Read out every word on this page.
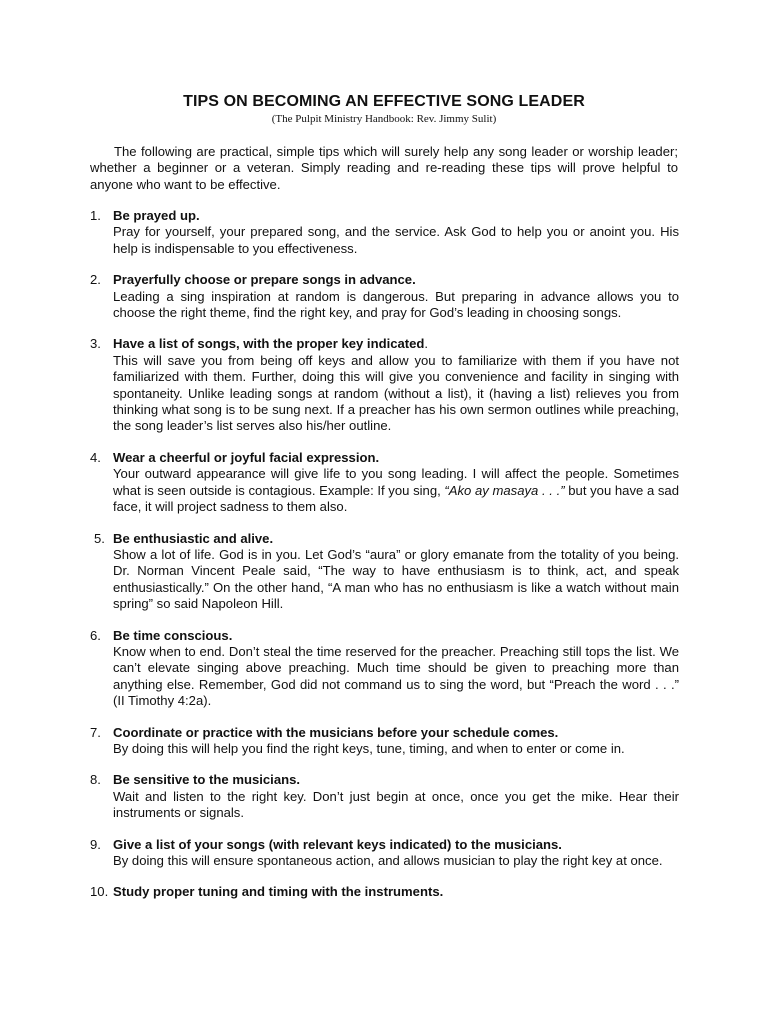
TIPS ON BECOMING AN EFFECTIVE SONG LEADER
(The Pulpit Ministry Handbook: Rev. Jimmy Sulit)

The following are practical, simple tips which will surely help any song leader or worship leader; whether a beginner or a veteran. Simply reading and re-reading these tips will prove helpful to anyone who want to be effective.

1. Be prayed up.
Pray for yourself, your prepared song, and the service. Ask God to help you or anoint you. His help is indispensable to you effectiveness.
2. Prayerfully choose or prepare songs in advance.
Leading a sing inspiration at random is dangerous. But preparing in advance allows you to choose the right theme, find the right key, and pray for God’s leading in choosing songs.
3. Have a list of songs, with the proper key indicated.
This will save you from being off keys and allow you to familiarize with them if you have not familiarized with them. Further, doing this will give you convenience and facility in singing with spontaneity. Unlike leading songs at random (without a list), it (having a list) relieves you from thinking what song is to be sung next. If a preacher has his own sermon outlines while preaching, the song leader’s list serves also his/her outline.
4. Wear a cheerful or joyful facial expression.
Your outward appearance will give life to you song leading. I will affect the people. Sometimes what is seen outside is contagious. Example: If you sing, “Ako ay masaya . . .” but you have a sad face, it will project sadness to them also.
5. Be enthusiastic and alive.
Show a lot of life. God is in you. Let God’s “aura” or glory emanate from the totality of you being. Dr. Norman Vincent Peale said, “The way to have enthusiasm is to think, act, and speak enthusiastically.” On the other hand, “A man who has no enthusiasm is like a watch without main spring” so said Napoleon Hill.
6. Be time conscious.
Know when to end. Don’t steal the time reserved for the preacher. Preaching still tops the list. We can’t elevate singing above preaching. Much time should be given to preaching more than anything else. Remember, God did not command us to sing the word, but “Preach the word . . .” (II Timothy 4:2a).
7. Coordinate or practice with the musicians before your schedule comes.
By doing this will help you find the right keys, tune, timing, and when to enter or come in.
8. Be sensitive to the musicians.
Wait and listen to the right key. Don’t just begin at once, once you get the mike. Hear their instruments or signals.
9. Give a list of your songs (with relevant keys indicated) to the musicians.
By doing this will ensure spontaneous action, and allows musician to play the right key at once.
10. Study proper tuning and timing with the instruments.
